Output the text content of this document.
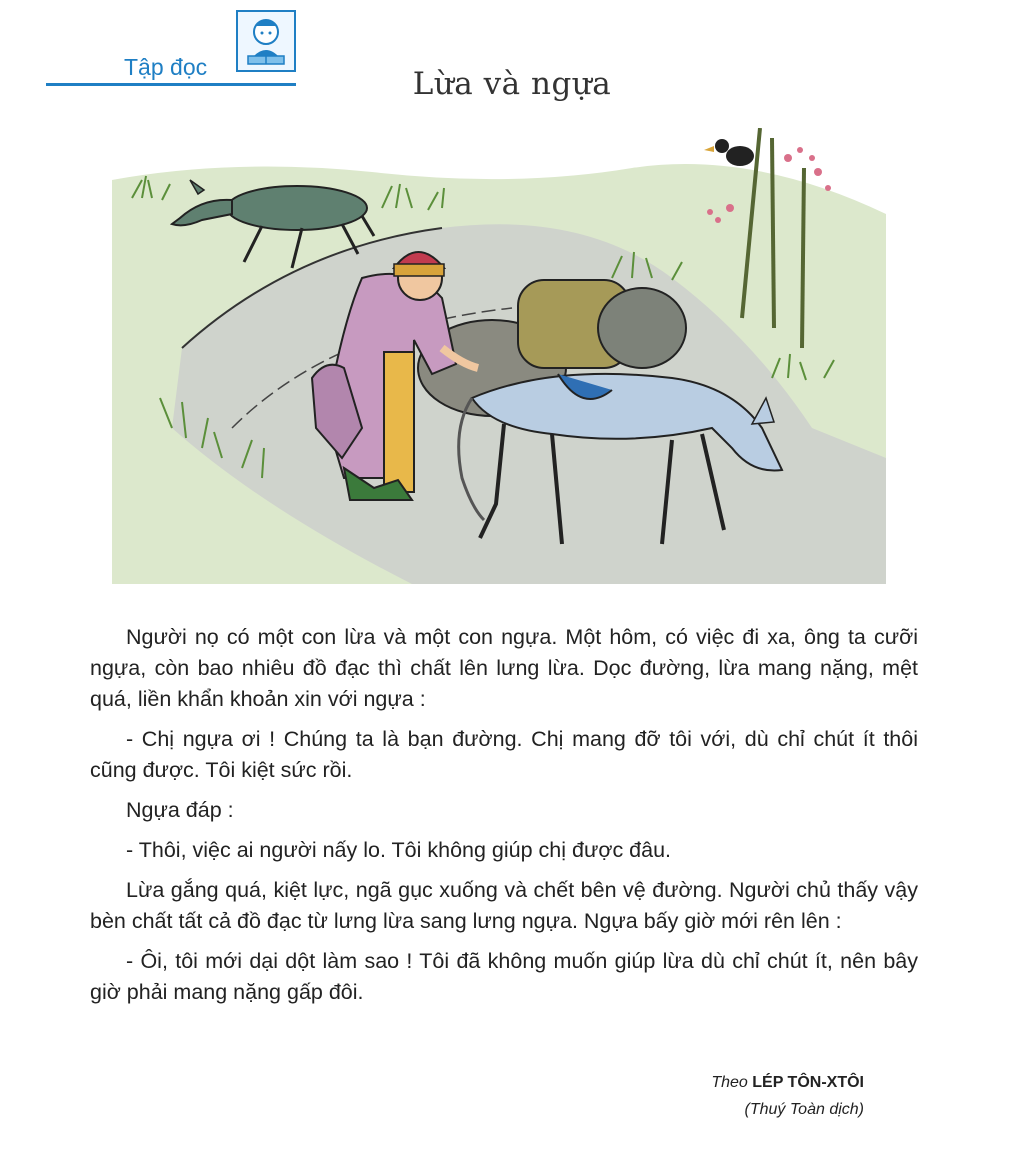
Tập đọc	Lừa và ngựa

Người nọ có một con lừa và một con ngựa. Một hôm, có việc đi xa, ông ta cưỡi ngựa, còn bao nhiêu đồ đạc thì chất lên lưng lừa. Dọc đường, lừa mang nặng, mệt quá, liền khẩn khoản xin với ngựa :

- Chị ngựa ơi ! Chúng ta là bạn đường. Chị mang đỡ tôi với, dù chỉ chút ít thôi cũng được. Tôi kiệt sức rồi.

Ngựa đáp :

- Thôi, việc ai người nấy lo. Tôi không giúp chị được đâu.

Lừa gắng quá, kiệt lực, ngã gục xuống và chết bên vệ đường. Người chủ thấy vậy bèn chất tất cả đồ đạc từ lưng lừa sang lưng ngựa. Ngựa bấy giờ mới rên lên :

- Ôi, tôi mới dại dột làm sao ! Tôi đã không muốn giúp lừa dù chỉ chút ít, nên bây giờ phải mang nặng gấp đôi.

Theo LÉP TÔN-XTÔI
(Thuý Toàn dịch)
